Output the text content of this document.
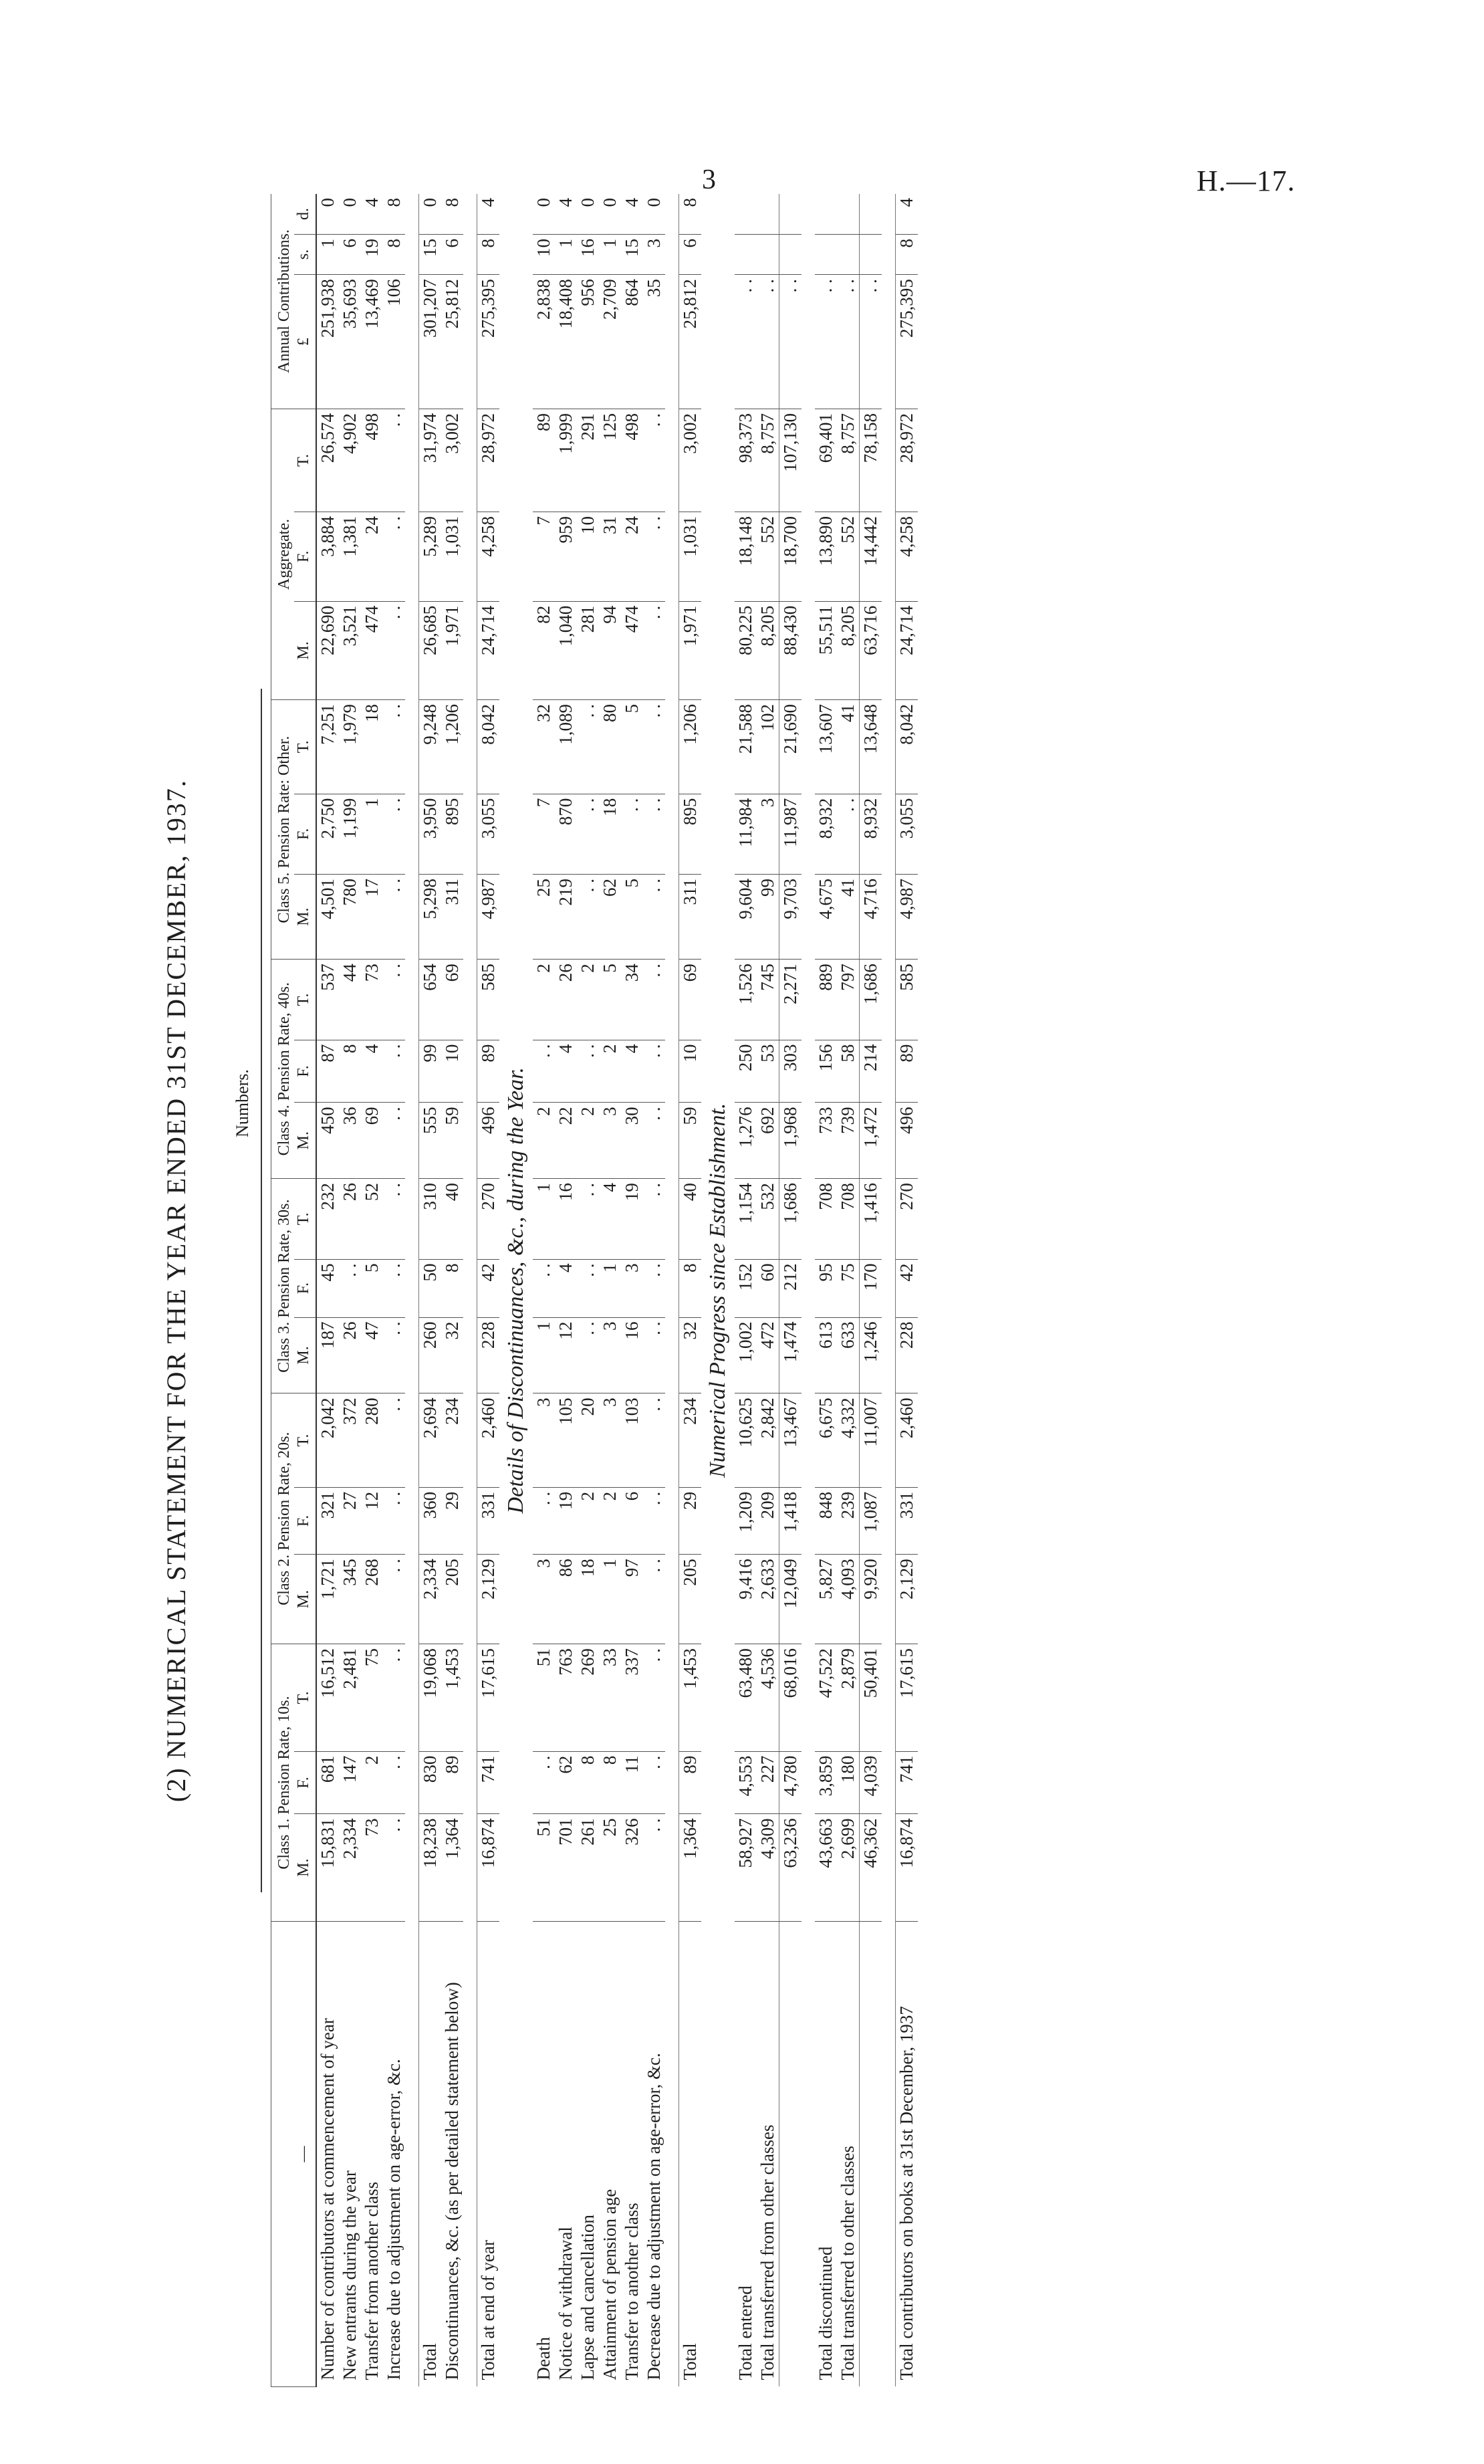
3	H.—17.
(2) NUMERICAL STATEMENT FOR THE YEAR ENDED 31ST DECEMBER, 1937. Numbers.
	Class 1. Pension Rate, 10s.			Class 2. Pension Rate, 20s.			Class 3. Pension Rate, 30s.			Class 4. Pension Rate, 40s.			Class 5. Pension Rate: Other.			Aggregate.			Annual Contributions.		
—	M.	F.	T.	M.	F.	T.	M.	F.	T.	M.	F.	T.	M.	F.	T.	M.	F.	T.	£	s.	d.
Number of contributors at commencement of year	15,831	681	16,512	1,721	321	2,042	187	45	232	450	87	537	4,501	2,750	7,251	22,690	3,884	26,574	251,938	1	0
New entrants during the year	2,334	147	2,481	345	27	372	26	. .	26	36	8	44	780	1,199	1,979	3,521	1,381	4,902	35,693	6	0
Transfer from another class	73	2	75	268	12	280	47	5	52	69	4	73	17	1	18	474	24	498	13,469	19	4
Increase due to adjustment on age-error, &c.	. .	. .	. .	. .	. .	. .	. .	. .	. .	. .	. .	. .	. .	. .	. .	. .	. .	. .	106	8	8

Total	18,238	830	19,068	2,334	360	2,694	260	50	310	555	99	654	5,298	3,950	9,248	26,685	5,289	31,974	301,207	15	0
Discontinuances, &c. (as per detailed statement below)	1,364	89	1,453	205	29	234	32	8	40	59	10	69	311	895	1,206	1,971	1,031	3,002	25,812	6	8

Total at end of year	16,874	741	17,615	2,129	331	2,460	228	42	270	496	89	585	4,987	3,055	8,042	24,714	4,258	28,972	275,395	8	4
Details of Discontinuances, &c., during the Year.																					
Death	51	. .	51	3	. .	3	1	. .	1	2	. .	2	25	7	32	82	7	89	2,838	10	0
Notice of withdrawal	701	62	763	86	19	105	12	4	16	22	4	26	219	870	1,089	1,040	959	1,999	18,408	1	4
Lapse and cancellation	261	8	269	18	2	20	. .	. .	. .	2	. .	2	. .	. .	. .	281	10	291	956	16	0
Attainment of pension age	25	8	33	1	2	3	3	1	4	3	2	5	62	18	80	94	31	125	2,709	1	0
Transfer to another class	326	11	337	97	6	103	16	3	19	30	4	34	5	. .	5	474	24	498	864	15	4
Decrease due to adjustment on age-error, &c.	. .	. .	. .	. .	. .	. .	. .	. .	. .	. .	. .	. .	. .	. .	. .	. .	. .	. .	35	3	0

Total	1,364	89	1,453	205	29	234	32	8	40	59	10	69	311	895	1,206	1,971	1,031	3,002	25,812	6	8
Numerical Progress since Establishment.																					
Total entered	58,927	4,553	63,480	9,416	1,209	10,625	1,002	152	1,154	1,276	250	1,526	9,604	11,984	21,588	80,225	18,148	98,373	. .		
Total transferred from other classes	4,309	227	4,536	2,633	209	2,842	472	60	532	692	53	745	99	3	102	8,205	552	8,757	. .		
	63,236	4,780	68,016	12,049	1,418	13,467	1,474	212	1,686	1,968	303	2,271	9,703	11,987	21,690	88,430	18,700	107,130	. .		

Total discontinued	43,663	3,859	47,522	5,827	848	6,675	613	95	708	733	156	889	4,675	8,932	13,607	55,511	13,890	69,401	. .		
Total transferred to other classes	2,699	180	2,879	4,093	239	4,332	633	75	708	739	58	797	41	. .	41	8,205	552	8,757	. .		
	46,362	4,039	50,401	9,920	1,087	11,007	1,246	170	1,416	1,472	214	1,686	4,716	8,932	13,648	63,716	14,442	78,158	. .		

Total contributors on books at 31st December, 1937	16,874	741	17,615	2,129	331	2,460	228	42	270	496	89	585	4,987	3,055	8,042	24,714	4,258	28,972	275,395	8	4
